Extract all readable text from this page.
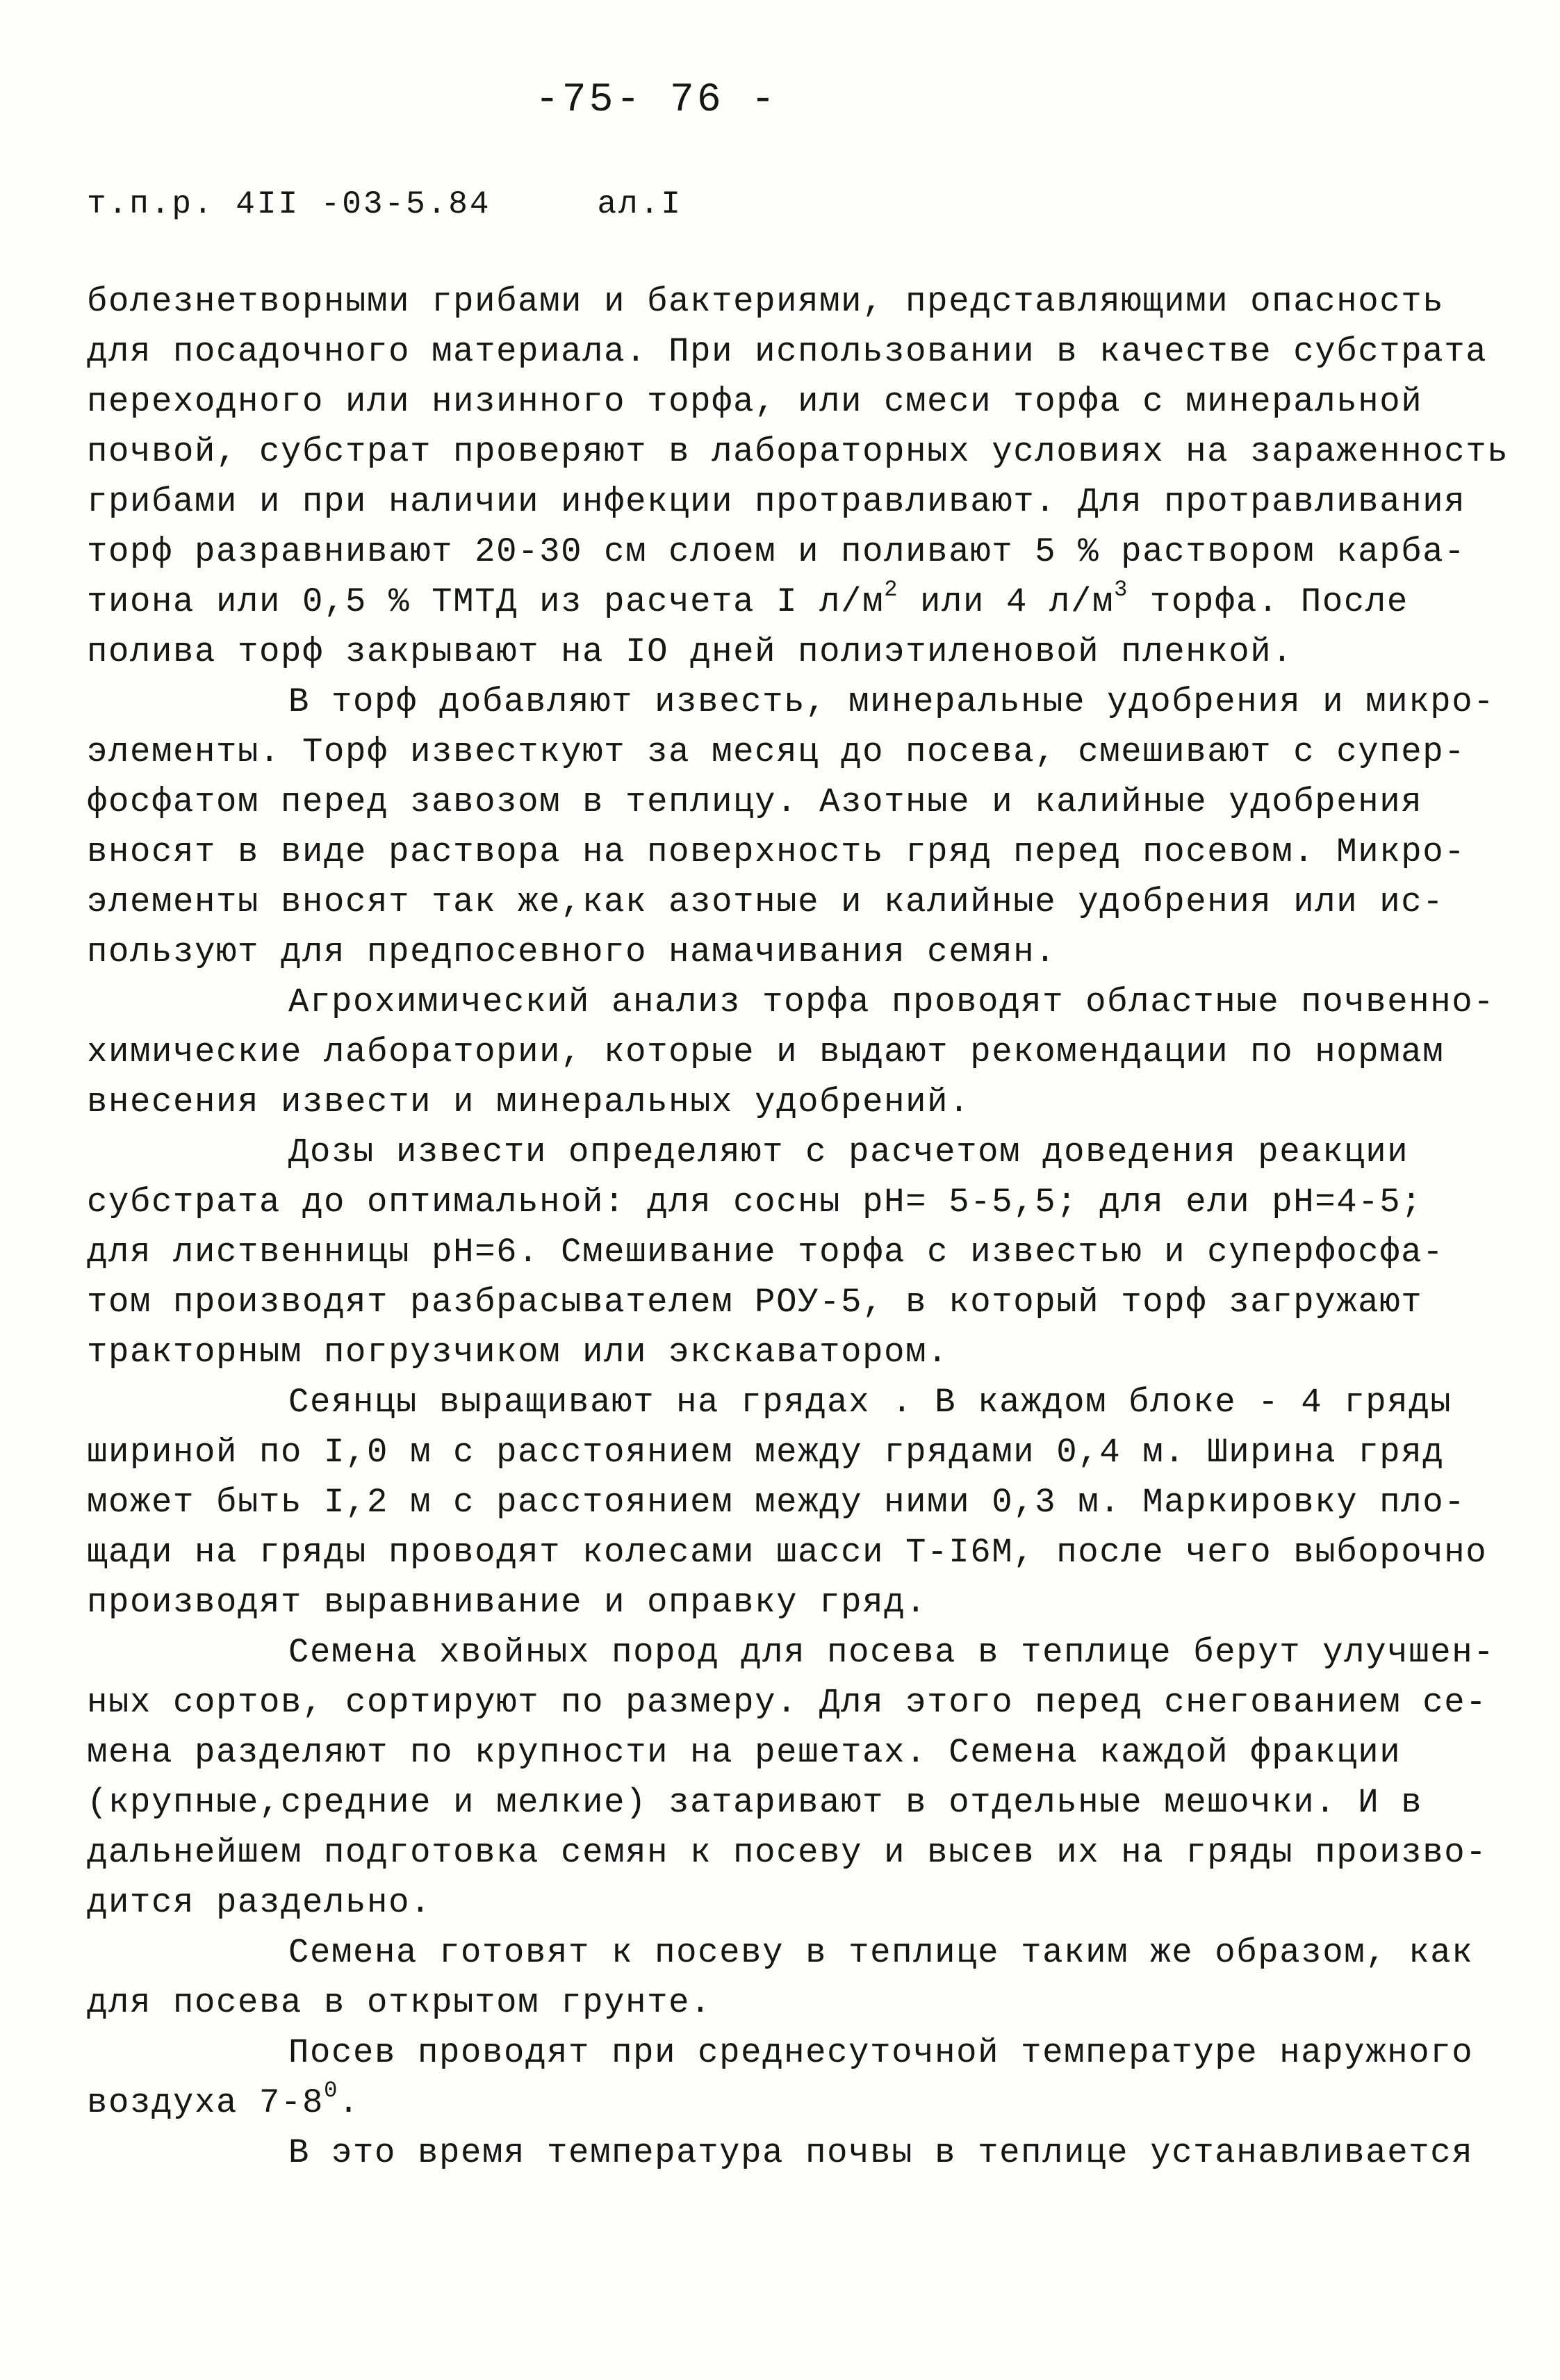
-75- 76 -
т.п.р. 4II -03-5.84     ал.I
болезнетворными грибами и бактериями, представляющими опасность
для посадочного материала. При использовании в качестве субстрата
переходного или низинного торфа, или смеси торфа с минеральной
почвой, субстрат проверяют в лабораторных условиях на зараженность
грибами и при наличии инфекции протравливают. Для протравливания
торф разравнивают 20-30 см слоем и поливают 5 % раствором карба-
тиона или 0,5 % ТМТД из расчета I $л/м^2$ или 4 $л/м^3$ торфа. После
полива торф закрывают на IO дней полиэтиленовой пленкой.
В торф добавляют известь, минеральные удобрения и микро-
элементы. Торф известкуют за месяц до посева, смешивают с супер-
фосфатом перед завозом в теплицу. Азотные и калийные удобрения
вносят в виде раствора на поверхность гряд перед посевом. Микро-
элементы вносят так же,как азотные и калийные удобрения или ис-
пользуют для предпосевного намачивания семян.
Агрохимический анализ торфа проводят областные почвенно-
химические лаборатории, которые и выдают рекомендации по нормам
внесения извести и минеральных удобрений.
Дозы извести определяют с расчетом доведения реакции
субстрата до оптимальной: для сосны pH= 5-5,5; для ели pH=4-5;
для лиственницы pH=6. Смешивание торфа с известью и суперфосфа-
том производят разбрасывателем РОУ-5, в который торф загружают
тракторным погрузчиком или экскаватором.
Сеянцы выращивают на грядах . В каждом блоке - 4 гряды
шириной по I,0 м с расстоянием между грядами 0,4 м. Ширина гряд
может быть I,2 м с расстоянием между ними 0,3 м. Маркировку пло-
щади на гряды проводят колесами шасси Т-I6М, после чего выборочно
производят выравнивание и оправку гряд.
Семена хвойных пород для посева в теплице берут улучшен-
ных сортов, сортируют по размеру. Для этого перед снегованием се-
мена разделяют по крупности на решетах. Семена каждой фракции
(крупные,средние и мелкие) затаривают в отдельные мешочки. И в
дальнейшем подготовка семян к посеву и высев их на гряды произво-
дится раздельно.
Семена готовят к посеву в теплице таким же образом, как
для посева в открытом грунте.
Посев проводят при среднесуточной температуре наружного
воздуха $7-8^0$.
В это время температура почвы в теплице устанавливается
